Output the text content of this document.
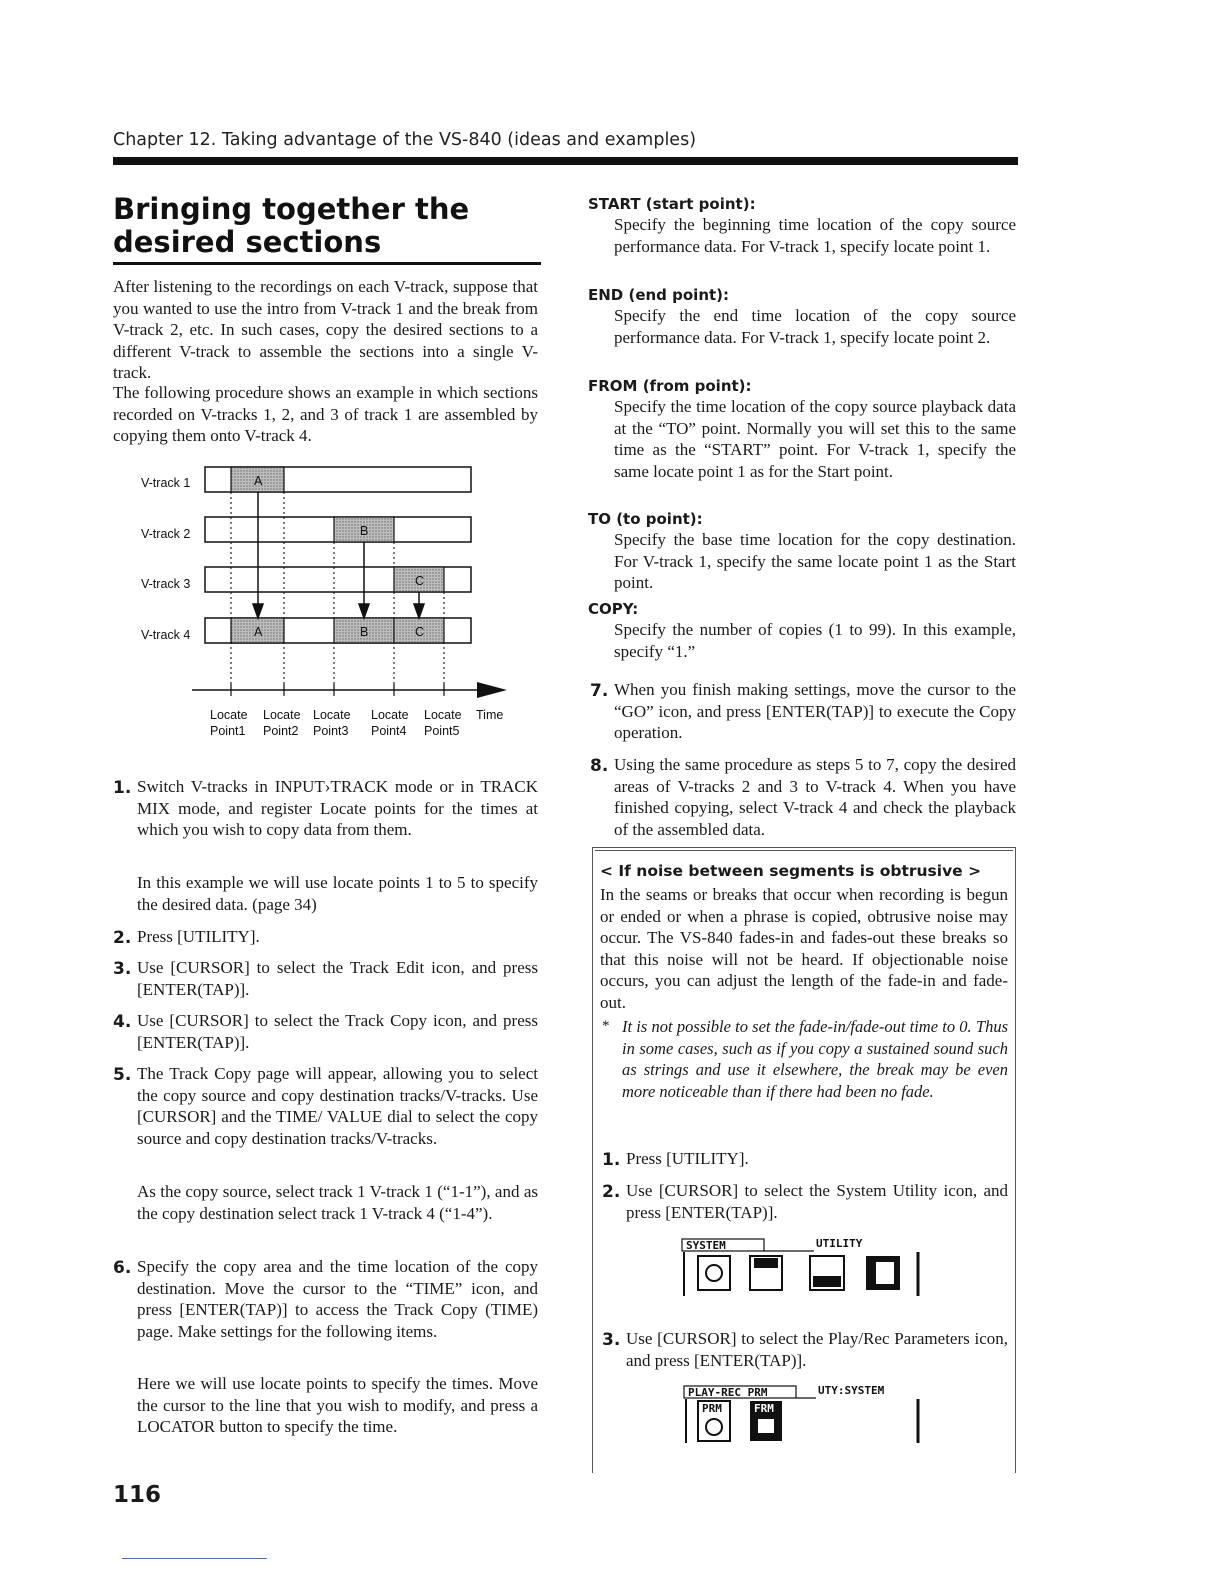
Chapter 12. Taking advantage of the VS-840 (ideas and examples)
Bringing together the desired sections

After listening to the recordings on each V-track, suppose that you wanted to use the intro from V-track 1 and the break from V-track 2, etc. In such cases, copy the desired sections to a different V-track to assemble the sections into a single V-track.

The following procedure shows an example in which sections recorded on V-tracks 1, 2, and 3 of track 1 are assembled by copying them onto V-track 4.

V-track 1
V-track 2
V-track 3
V-track 4
A
B
C
A	B	C
Locate
Point1
Locate
Point2
Locate
Point3
Locate
Point4
Locate
Point5
Time
1. Switch V-tracks in INPUT›TRACK mode or in TRACK MIX mode, and register Locate points for the times at which you wish to copy data from them.

In this example we will use locate points 1 to 5 to specify the desired data. (page 34)

2. Press [UTILITY].

3. Use [CURSOR] to select the Track Edit icon, and press [ENTER(TAP)].

4. Use [CURSOR] to select the Track Copy icon, and press [ENTER(TAP)].

5. The Track Copy page will appear, allowing you to select the copy source and copy destination tracks/V-tracks. Use [CURSOR] and the TIME/ VALUE dial to select the copy source and copy destination tracks/V-tracks.

As the copy source, select track 1 V-track 1 (“1-1”), and as the copy destination select track 1 V-track 4 (“1-4”).

6. Specify the copy area and the time location of the copy destination. Move the cursor to the “TIME” icon, and press [ENTER(TAP)] to access the Track Copy (TIME) page. Make settings for the following items.

Here we will use locate points to specify the times. Move the cursor to the line that you wish to modify, and press a LOCATOR button to specify the time.

START (start point):

Specify the beginning time location of the copy source performance data. For V-track 1, specify locate point 1.

END (end point):

Specify the end time location of the copy source performance data. For V-track 1, specify locate point 2.

FROM (from point):

Specify the time location of the copy source playback data at the “TO” point. Normally you will set this to the same time as the “START” point. For V-track 1, specify the same locate point 1 as for the Start point.

TO (to point):

Specify the base time location for the copy destination. For V-track 1, specify the same locate point 1 as the Start point.

COPY:

Specify the number of copies (1 to 99). In this example, specify “1.”

7. When you finish making settings, move the cursor to the “GO” icon, and press [ENTER(TAP)] to execute the Copy operation.

8. Using the same procedure as steps 5 to 7, copy the desired areas of V-tracks 2 and 3 to V-track 4. When you have finished copying, select V-track 4 and check the playback of the assembled data.

< If noise between segments is obtrusive >

In the seams or breaks that occur when recording is begun or ended or when a phrase is copied, obtrusive noise may occur. The VS-840 fades-in and fades-out these breaks so that this noise will not be heard. If objectionable noise occurs, you can adjust the length of the fade-in and fade-out.

* It is not possible to set the fade-in/fade-out time to 0. Thus in some cases, such as if you copy a sustained sound such as strings and use it elsewhere, the break may be even more noticeable than if there had been no fade.

1. Press [UTILITY].

2. Use [CURSOR] to select the System Utility icon, and press [ENTER(TAP)].

SYSTEM	UTILITY
3. Use [CURSOR] to select the Play/Rec Parameters icon, and press [ENTER(TAP)].

PLAY-REC PRM	UTY:SYSTEM
PRM	FRM
116
